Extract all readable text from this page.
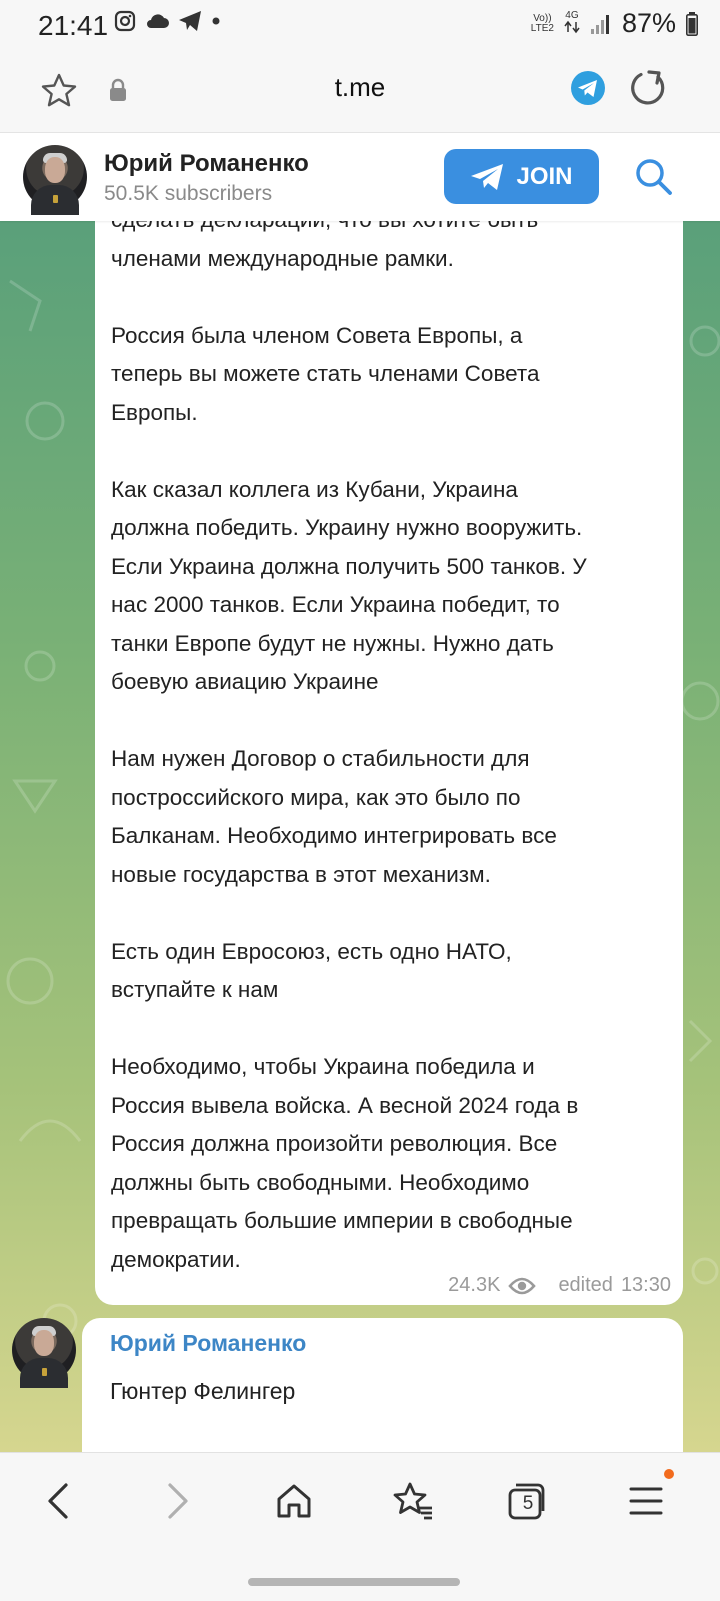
21:41	Vo))
LTE2
4G 87%
t.me
Юрий Романенко
50.5K subscribers
JOIN

членами международные рамки.

Россия была членом Совета Европы, а
теперь вы можете стать членами Совета
Европы.

Как сказал коллега из Кубани, Украина
должна победить. Украину нужно вооружить.
Если Украина должна получить 500 танков. У
нас 2000 танков. Если Украина победит, то
танки Европе будут не нужны. Нужно дать
боевую авиацию Украине

Нам нужен Договор о стабильности для
построссийского мира, как это было по
Балканам. Необходимо интегрировать все
новые государства в этот механизм.

Есть один Евросоюз, есть одно НАТО,
вступайте к нам

Необходимо, чтобы Украина победила и
Россия вывела войска. А весной 2024 года в
Россия должна произойти революция. Все
должны быть свободными. Необходимо
превращать большие империи в свободные
демократии.
24.3K	edited 13:30
Юрий Романенко
Гюнтер Фелингер
5
